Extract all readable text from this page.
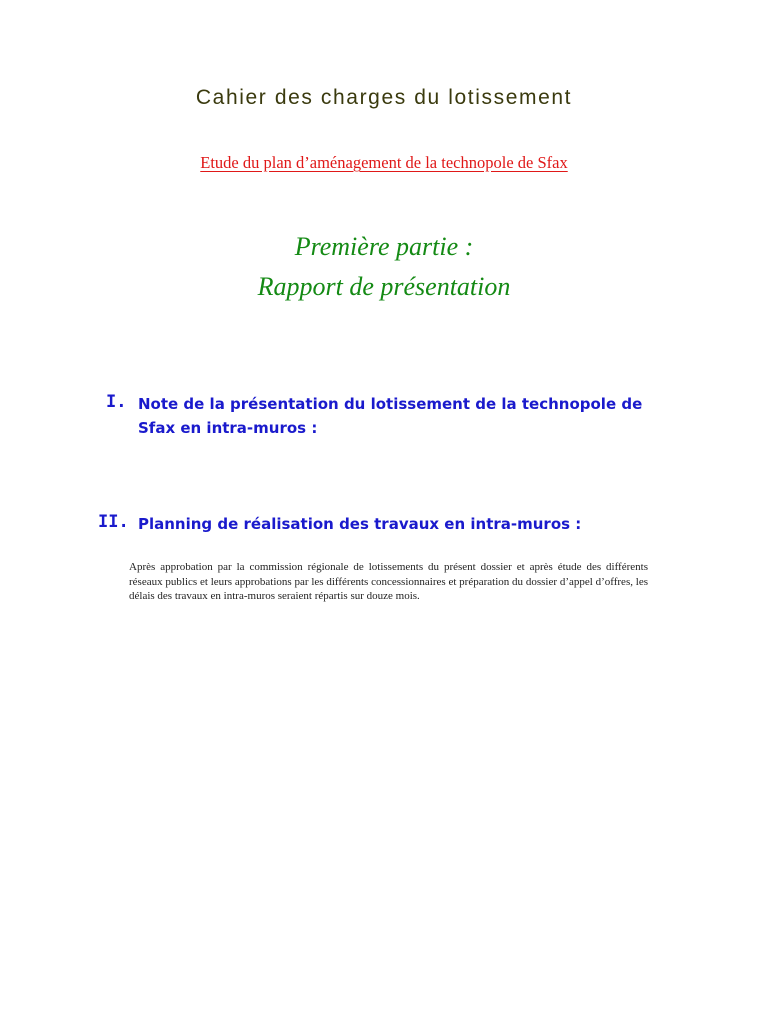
Cahier des charges du lotissement

Etude du plan d’aménagement de la technopole de Sfax

Première partie :

Rapport de présentation

I. Note de la présentation du lotissement de la technopole de Sfax en intra-muros :
II. Planning de réalisation des travaux en intra-muros :

Après approbation par la commission régionale de lotissements du présent dossier et après étude des différents réseaux publics et leurs approbations par les différents concessionnaires et préparation du dossier d’appel d’offres, les délais des travaux en intra-muros seraient répartis sur douze mois.
